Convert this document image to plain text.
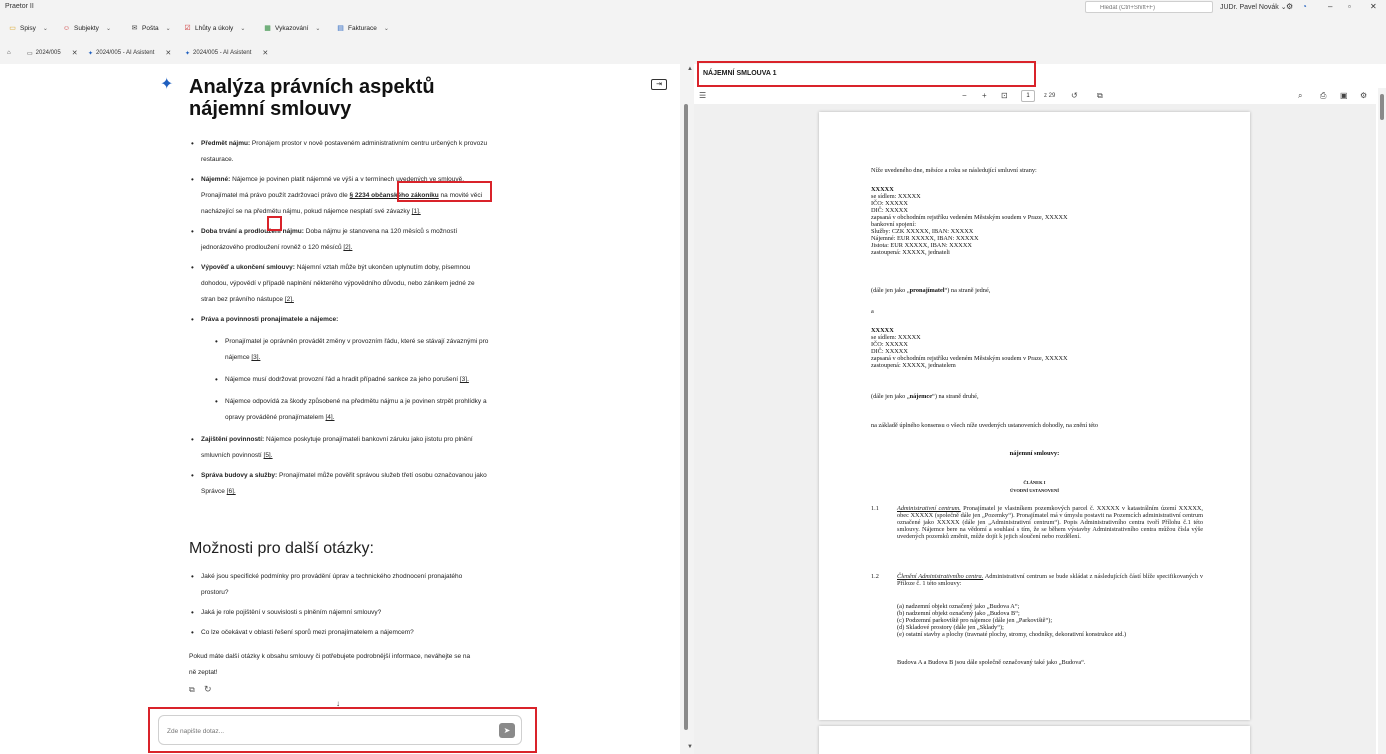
Praetor II
Hledat (Ctrl+Shift+F)	JUDr. Pavel Novák ⌄ ⚙ ◔	– ▫ ✕
▭ Spisy ⌄ ☺ Subjekty ⌄	✉ Pošta ⌄ ☑ Lhůty a úkoly ⌄	▦ Vykazování ⌄ ▤ Fakturace ⌄
⌂	▭ 2024/005 ✕ ✦ 2024/005 - AI Asistent ✕ ✦ 2024/005 - AI Asistent ✕
✦ Analýza právních aspektů nájemní smlouvy
⇥
• Předmět nájmu: Pronájem prostor v nově postaveném administrativním centru určených k provozu restaurace.
• Nájemné: Nájemce je povinen platit nájemné ve výši a v termínech uvedených ve smlouvě. Pronajímatel má právo použít zadržovací právo dle § 2234 občanského zákoníku na movité věci nacházející se na předmětu nájmu, pokud nájemce nesplatí své závazky [1].
• Doba trvání a prodloužení nájmu: Doba nájmu je stanovena na 120 měsíců s možností jednorázového prodloužení rovněž o 120 měsíců [2].
• Výpověď a ukončení smlouvy: Nájemní vztah může být ukončen uplynutím doby, písemnou dohodou, výpovědí v případě naplnění některého výpovědního důvodu, nebo zánikem jedné ze stran bez právního nástupce [2].
• Práva a povinnosti pronajímatele a nájemce:
• Pronajímatel je oprávněn provádět změny v provozním řádu, které se stávají závaznými pro nájemce [3].
• Nájemce musí dodržovat provozní řád a hradit případné sankce za jeho porušení [3].
• Nájemce odpovídá za škody způsobené na předmětu nájmu a je povinen strpět prohlídky a opravy prováděné pronajímatelem [4].
• Zajištění povinností: Nájemce poskytuje pronajímateli bankovní záruku jako jistotu pro plnění smluvních povinností [5].
• Správa budovy a služby: Pronajímatel může pověřit správou služeb třetí osobu označovanou jako Správce [6].
Možnosti pro další otázky:
• Jaké jsou specifické podmínky pro provádění úprav a technického zhodnocení pronajatého prostoru?
• Jaká je role pojištění v souvislosti s plněním nájemní smlouvy?
• Co lze očekávat v oblasti řešení sporů mezi pronajímatelem a nájemcem?
Pokud máte další otázky k obsahu smlouvy či potřebujete podrobnější informace, neváhejte se na ně zeptat!
⧉ ↻
↓
Zde napište dotaz...
➤
NÁJEMNÍ SMLOUVA 1
▲
▼
☰	− + ⊡	1	z 29 ↺ ⧉	⌕ ⎙ ▣ ⚙
Níže uvedeného dne, měsíce a roku se následující smluvní strany:
XXXXX
se sídlem: XXXXX
IČO: XXXXX
DIČ: XXXXX
zapsaná v obchodním rejstříku vedeném Městským soudem v Praze, XXXXX
bankovní spojení:
Služby: CZK XXXXX, IBAN: XXXXX
Nájemné: EUR XXXXX, IBAN: XXXXX
Jistota: EUR XXXXX, IBAN: XXXXX
zastoupená: XXXXX, jednateli
(dále jen jako „pronajímatel“) na straně jedné,
a
XXXXX
se sídlem: XXXXX
IČO: XXXXX
DIČ: XXXXX
zapsaná v obchodním rejstříku vedeném Městským soudem v Praze, XXXXX
zastoupená: XXXXX, jednatelem
(dále jen jako „nájemce“) na straně druhé,
na základě úplného konsensu o všech níže uvedených ustanoveních dohodly, na znění této
nájemní smlouvy:
ČLÁNEK I
ÚVODNÍ USTANOVENÍ
1.1	Administrativní centrum. Pronajímatel je vlastníkem pozemkových parcel č. XXXXX v katastrálním území XXXXX, obec XXXXX (společně dále jen „Pozemky“). Pronajímatel má v úmyslu postavit na Pozemcích administrativní centrum označené jako XXXXX (dále jen „Administrativní centrum“). Popis Administrativního centra tvoří Přílohu č.1 této smlouvy. Nájemce bere na vědomí a souhlasí s tím, že se během výstavby Administrativního centra můžou čísla výše uvedených pozemků změnit, může dojít k jejich sloučení nebo rozdělení.
1.2	Členění Administrativního centra. Administrativní centrum se bude skládat z následujících částí blíže specifikovaných v Příloze č. 1 této smlouvy:
(a) nadzemní objekt označený jako „Budova A“;
(b) nadzemní objekt označený jako „Budova B“;
(c) Podzemní parkoviště pro nájemce (dále jen „Parkoviště“);
(d) Skladové prostory (dále jen „Sklady“);
(e) ostatní stavby a plochy (travnaté plochy, stromy, chodníky, dekorativní konstrukce atd.)
Budova A a Budova B jsou dále společně označovaný také jako „Budova“.
